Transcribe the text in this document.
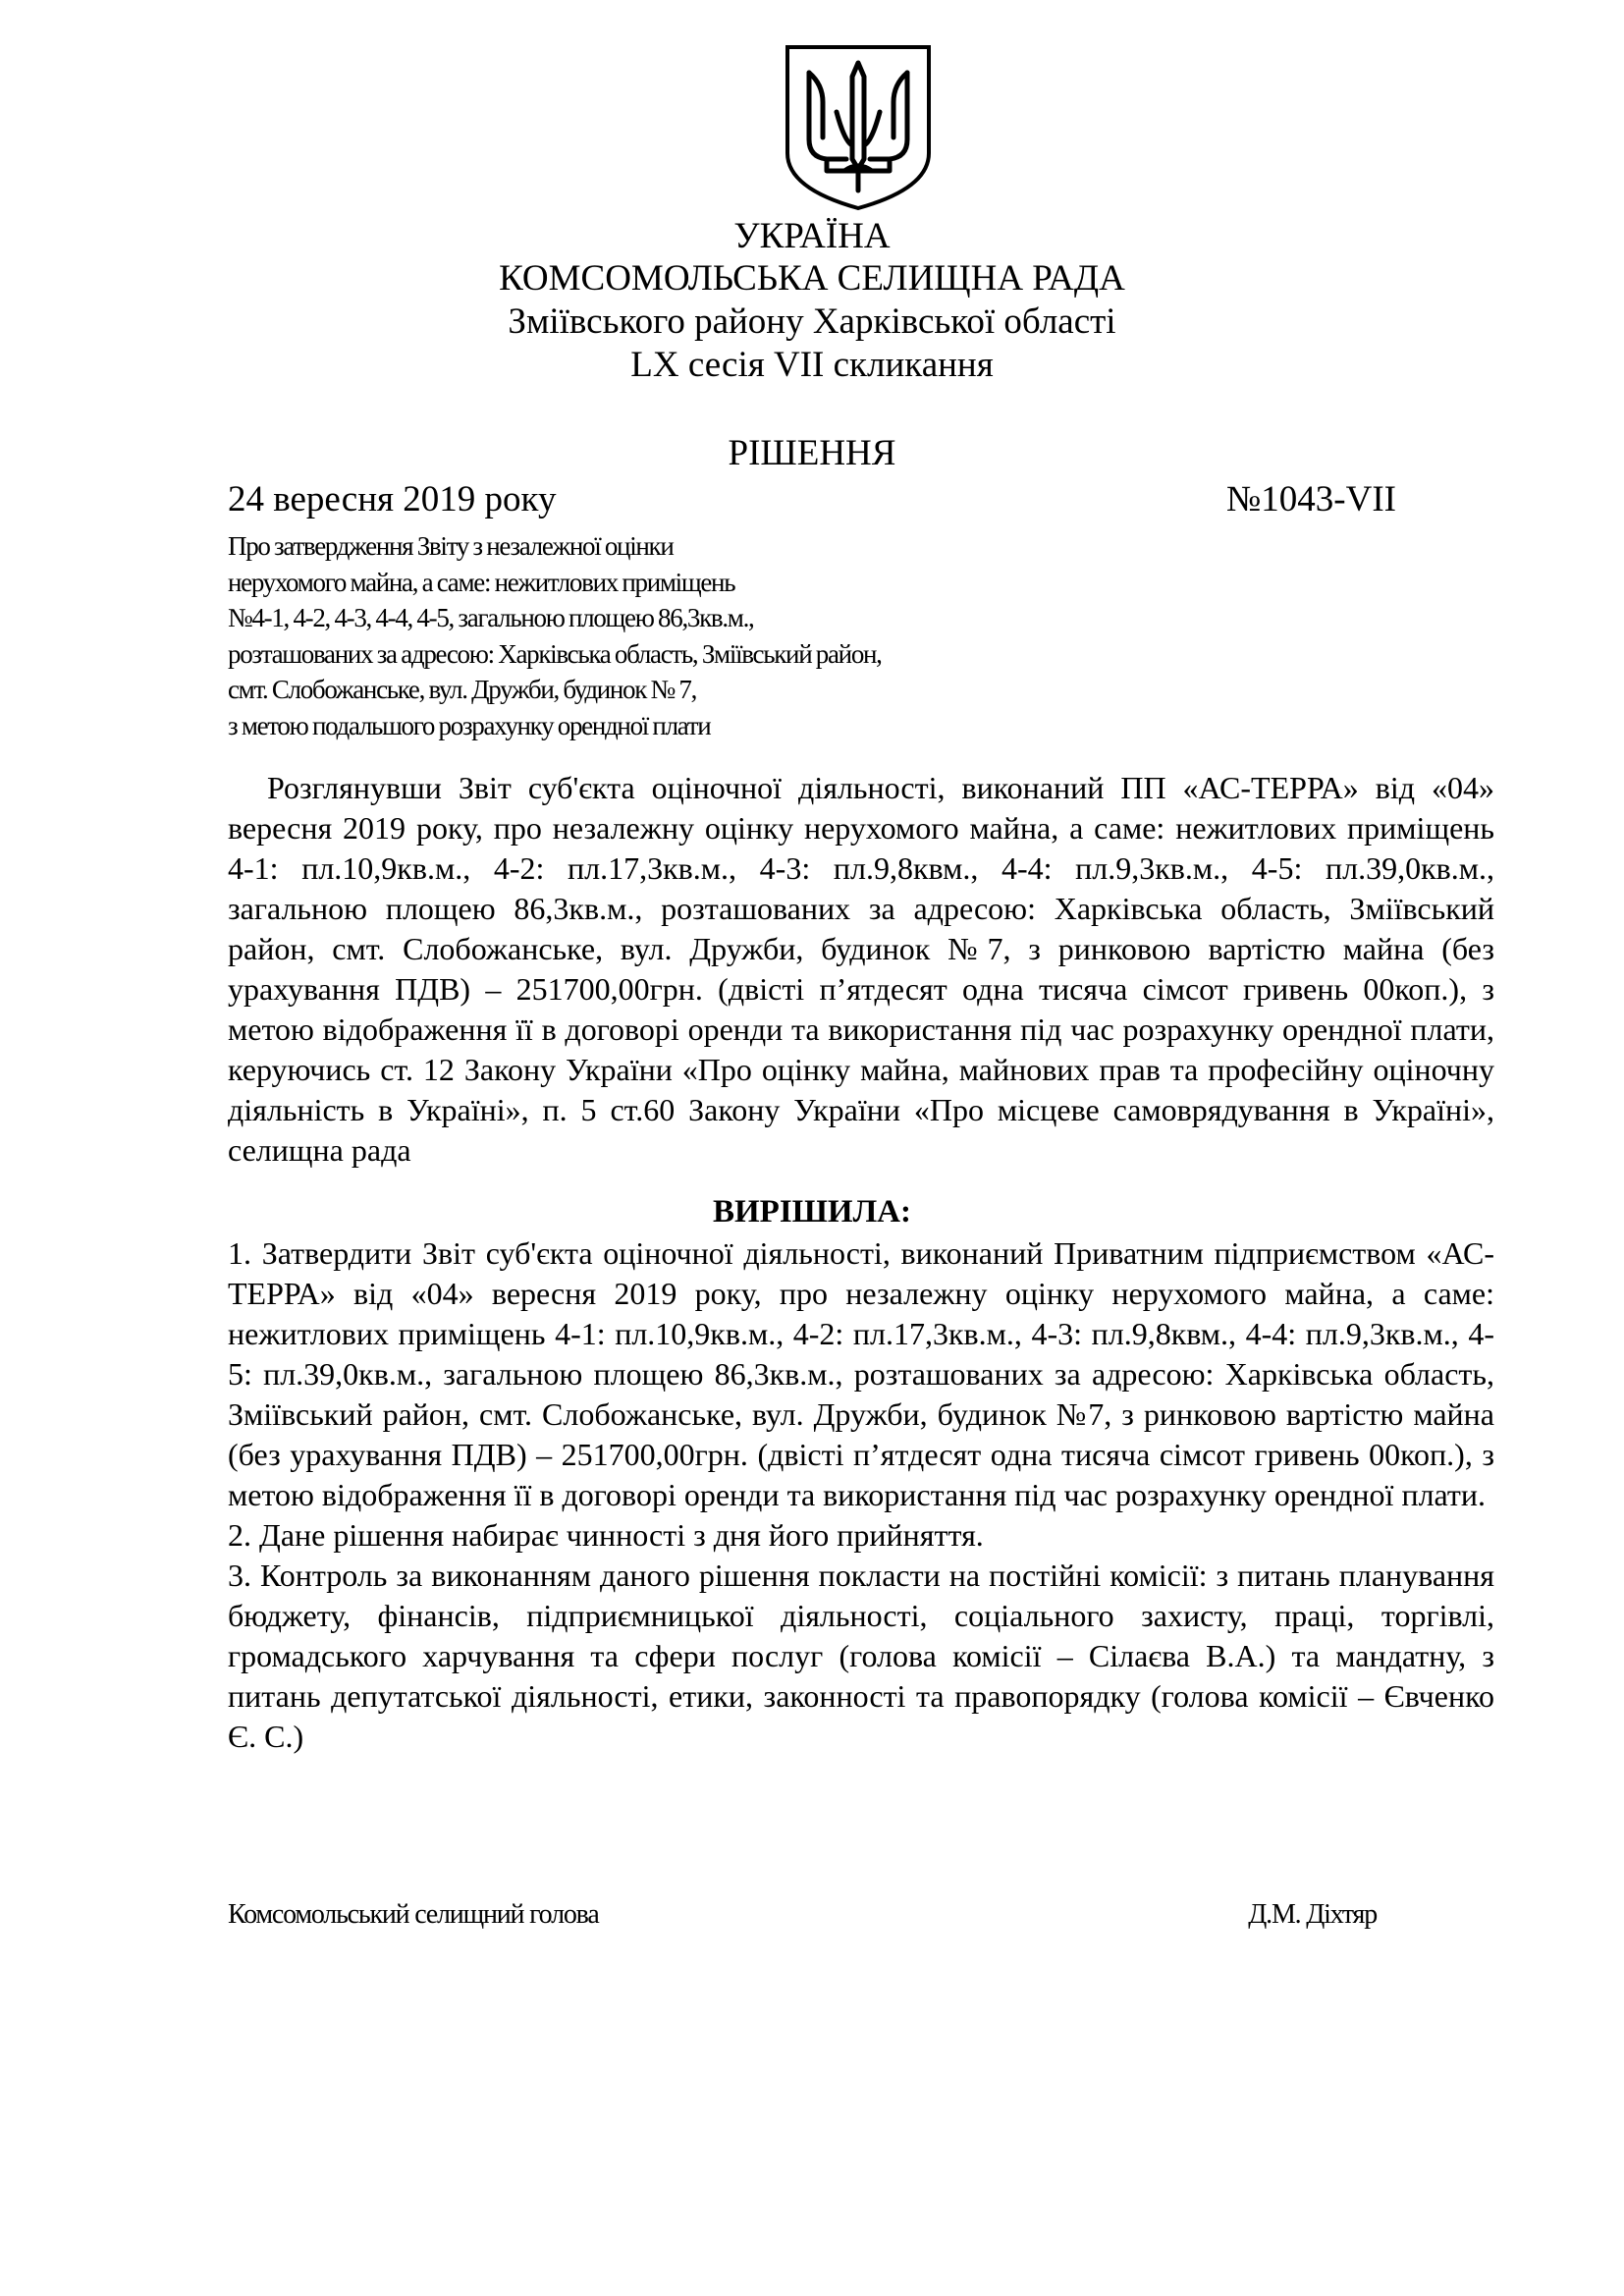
УКРАЇНА
КОМСОМОЛЬСЬКА СЕЛИЩНА РАДА
Зміївського району Харківської області
LX сесія VII скликання
РІШЕННЯ
24 вересня 2019 року	№1043-VII
Про затвердження Звіту з незалежної оцінки
нерухомого майна, а саме: нежитлових приміщень
№4-1, 4-2, 4-3, 4-4, 4-5, загальною площею 86,3кв.м.,
розташованих за адресою: Харківська область, Зміївський район,
смт. Слобожанське, вул. Дружби, будинок № 7,
з метою подальшого розрахунку орендної плати
Розглянувши Звіт суб'єкта оціночної діяльності, виконаний ПП «АС-ТЕРРА» від «04» вересня 2019 року, про незалежну оцінку нерухомого майна, а саме: нежитлових приміщень 4-1: пл.10,9кв.м., 4-2: пл.17,3кв.м., 4-3: пл.9,8квм., 4-4: пл.9,3кв.м., 4-5: пл.39,0кв.м., загальною площею 86,3кв.м., розташованих за адресою: Харківська область, Зміївський район, смт. Слобожанське, вул. Дружби, будинок №7, з ринковою вартістю майна (без урахування ПДВ) – 251700,00грн. (двісті п’ятдесят одна тисяча сімсот гривень 00коп.), з метою відображення її в договорі оренди та використання під час розрахунку орендної плати, керуючись ст. 12 Закону України «Про оцінку майна, майнових прав та професійну оціночну діяльність в Україні», п. 5 ст.60 Закону України «Про місцеве самоврядування в Україні», селищна рада
ВИРІШИЛА:

1. Затвердити Звіт суб'єкта оціночної діяльності, виконаний Приватним підприємством «АС-ТЕРРА» від «04» вересня 2019 року, про незалежну оцінку нерухомого майна, а саме: нежитлових приміщень 4-1: пл.10,9кв.м., 4-2: пл.17,3кв.м., 4-3: пл.9,8квм., 4-4: пл.9,3кв.м., 4-5: пл.39,0кв.м., загальною площею 86,3кв.м., розташованих за адресою: Харківська область, Зміївський район, смт. Слобожанське, вул. Дружби, будинок №7, з ринковою вартістю майна (без урахування ПДВ) – 251700,00грн. (двісті п’ятдесят одна тисяча сімсот гривень 00коп.), з метою відображення її в договорі оренди та використання під час розрахунку орендної плати.

2. Дане рішення набирає чинності з дня його прийняття.

3. Контроль за виконанням даного рішення покласти на постійні комісії: з питань планування бюджету, фінансів, підприємницької діяльності, соціального захисту, праці, торгівлі, громадського харчування та сфери послуг (голова комісії – Сілаєва В.А.) та мандатну, з питань депутатської діяльності, етики, законності та правопорядку (голова комісії – Євченко Є. С.)

Комсомольський селищний голова	Д.М. Діхтяр
